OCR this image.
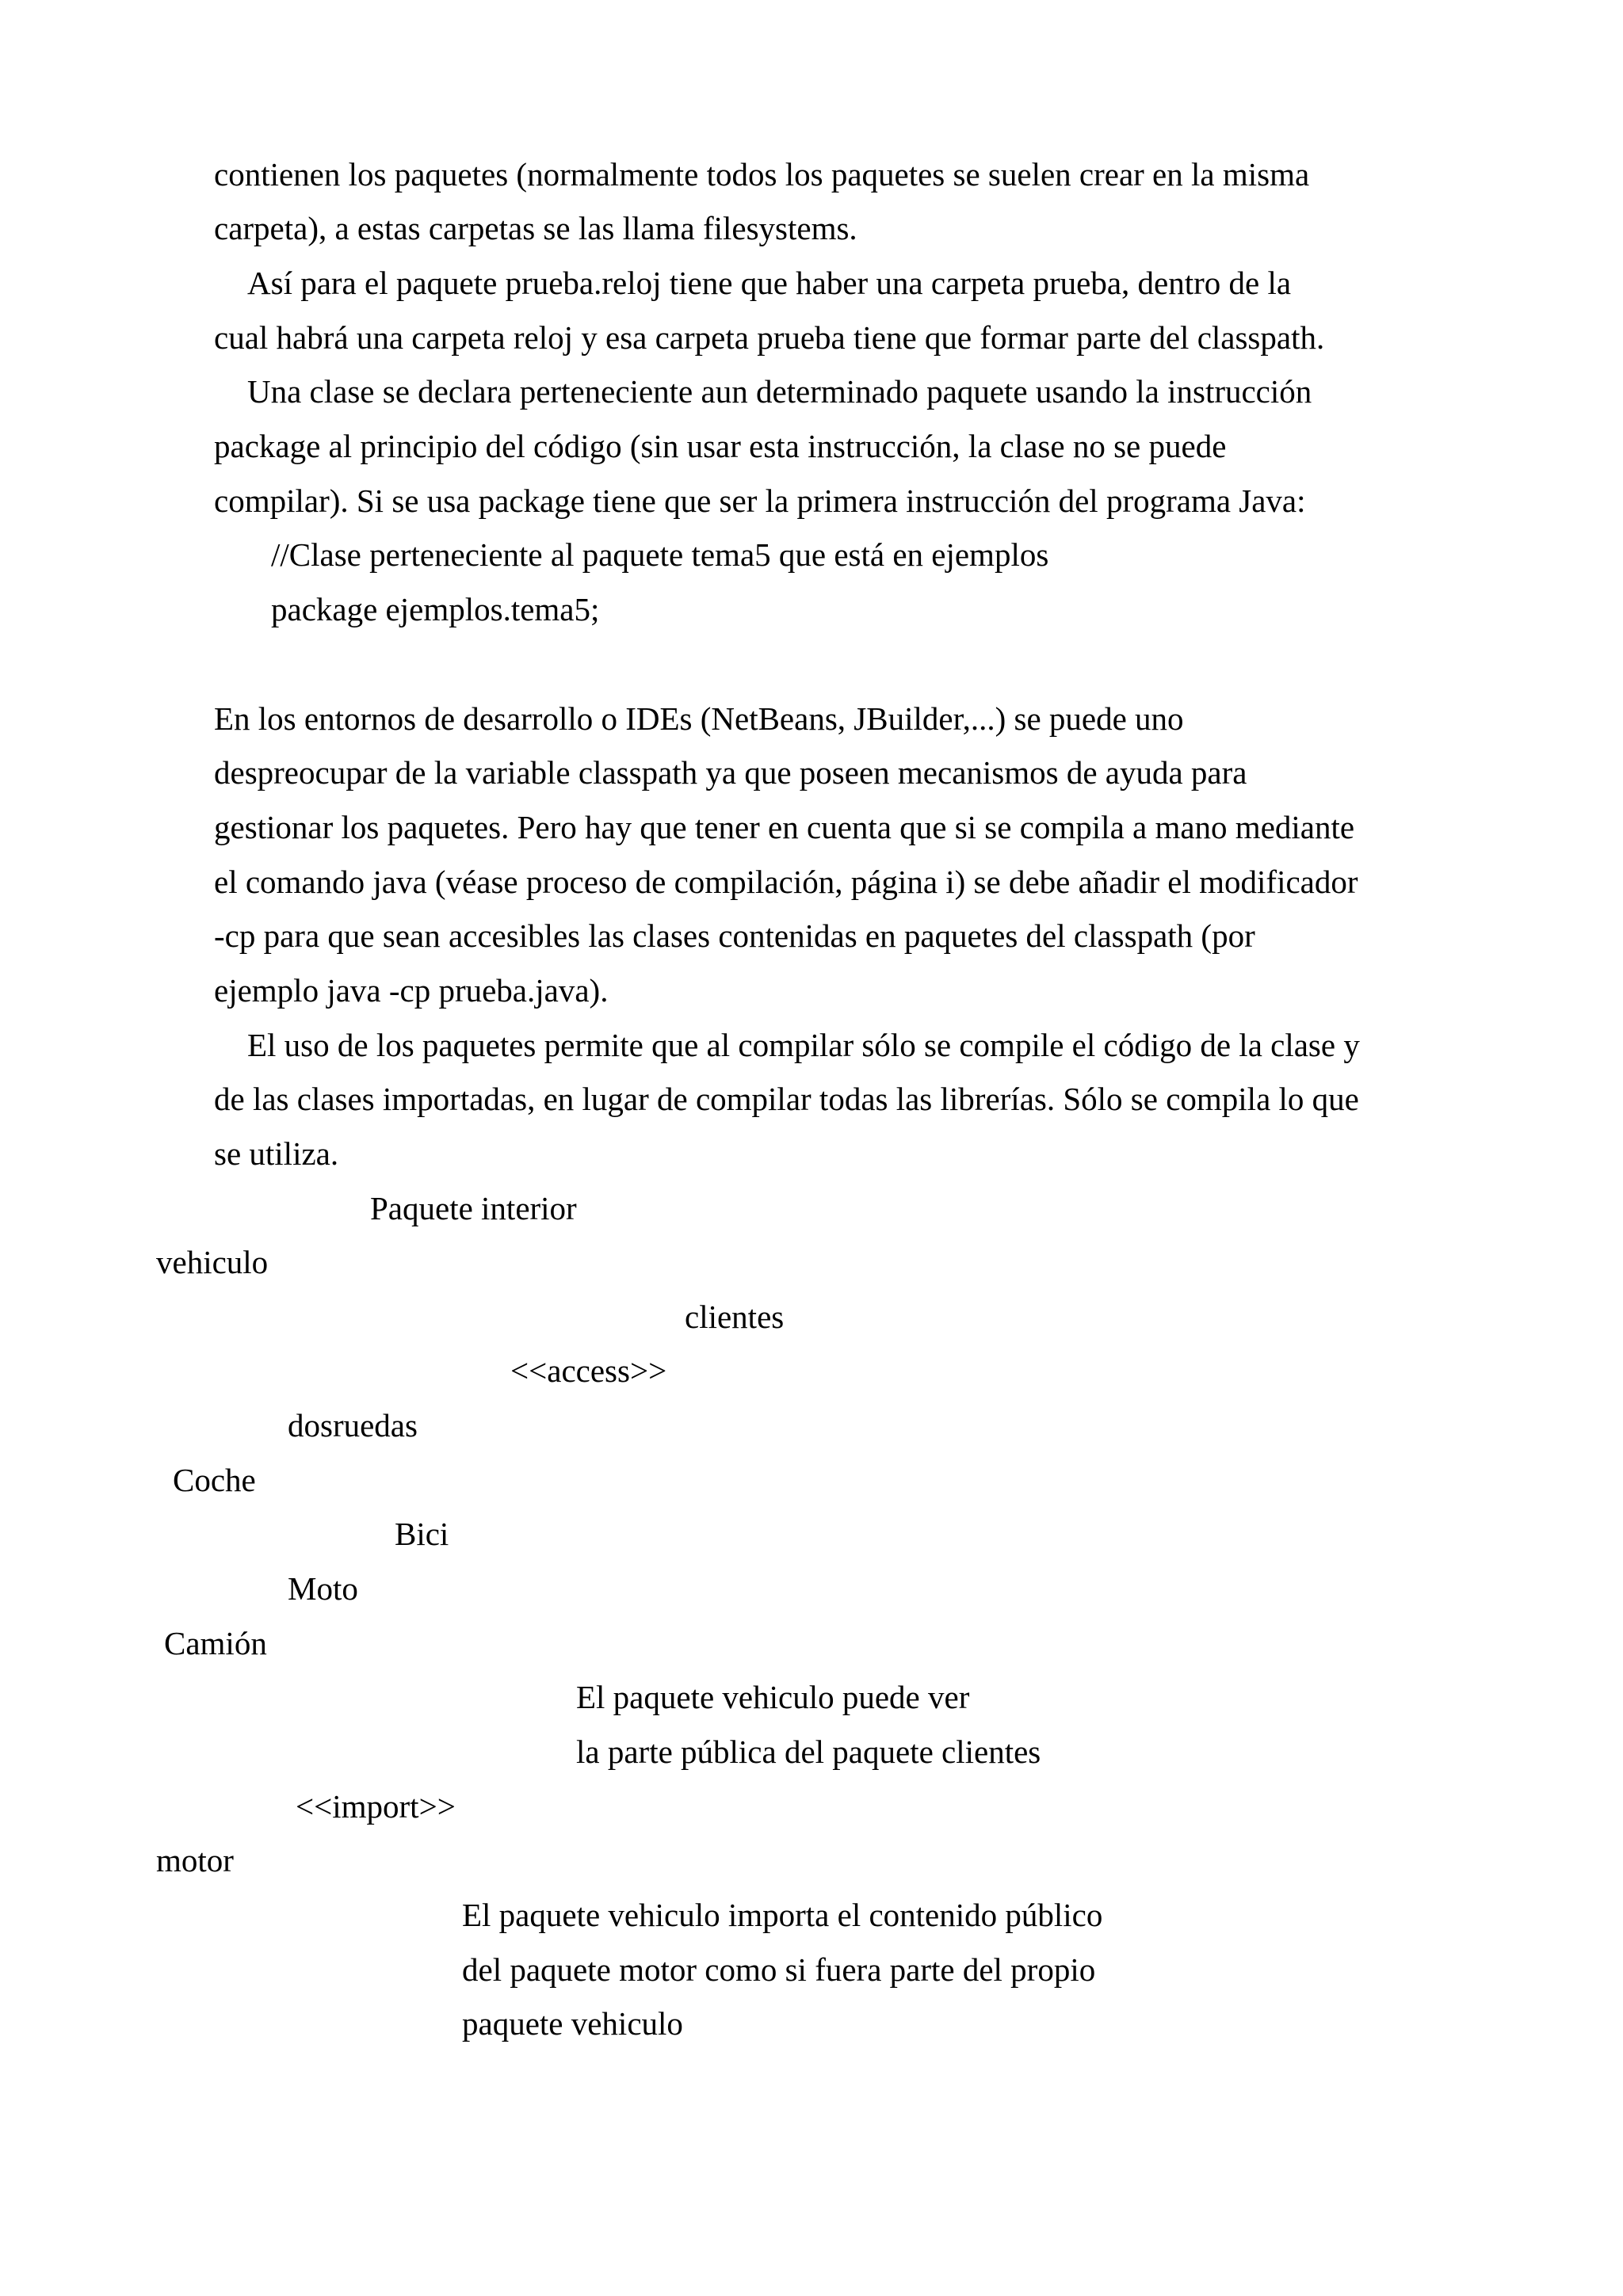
contienen los paquetes (normalmente todos los paquetes se suelen crear en la misma
carpeta), a estas carpetas se las llama filesystems.
Así para el paquete prueba.reloj tiene que haber una carpeta prueba, dentro de la
cual habrá una carpeta reloj y esa carpeta prueba tiene que formar parte del classpath.
Una clase se declara perteneciente aun determinado paquete usando la instrucción
package al principio del código (sin usar esta instrucción, la clase no se puede
compilar). Si se usa package tiene que ser la primera instrucción del programa Java:
//Clase perteneciente al paquete tema5 que está en ejemplos
package ejemplos.tema5;
En los entornos de desarrollo o IDEs (NetBeans, JBuilder,...) se puede uno
despreocupar de la variable classpath ya que poseen mecanismos de ayuda para
gestionar los paquetes. Pero hay que tener en cuenta que si se compila a mano mediante
el comando java (véase proceso de compilación, página i) se debe añadir el modificador
-cp para que sean accesibles las clases contenidas en paquetes del classpath (por
ejemplo java -cp prueba.java).
El uso de los paquetes permite que al compilar sólo se compile el código de la clase y
de las clases importadas, en lugar de compilar todas las librerías. Sólo se compila lo que
se utiliza.
Paquete interior
vehiculo
clientes
<<access>>
dosruedas
Coche
Bici
Moto
Camión
El paquete vehiculo puede ver
la parte pública del paquete clientes
<<import>>
motor
El paquete vehiculo importa el contenido público
del paquete motor como si fuera parte del propio
paquete vehiculo
